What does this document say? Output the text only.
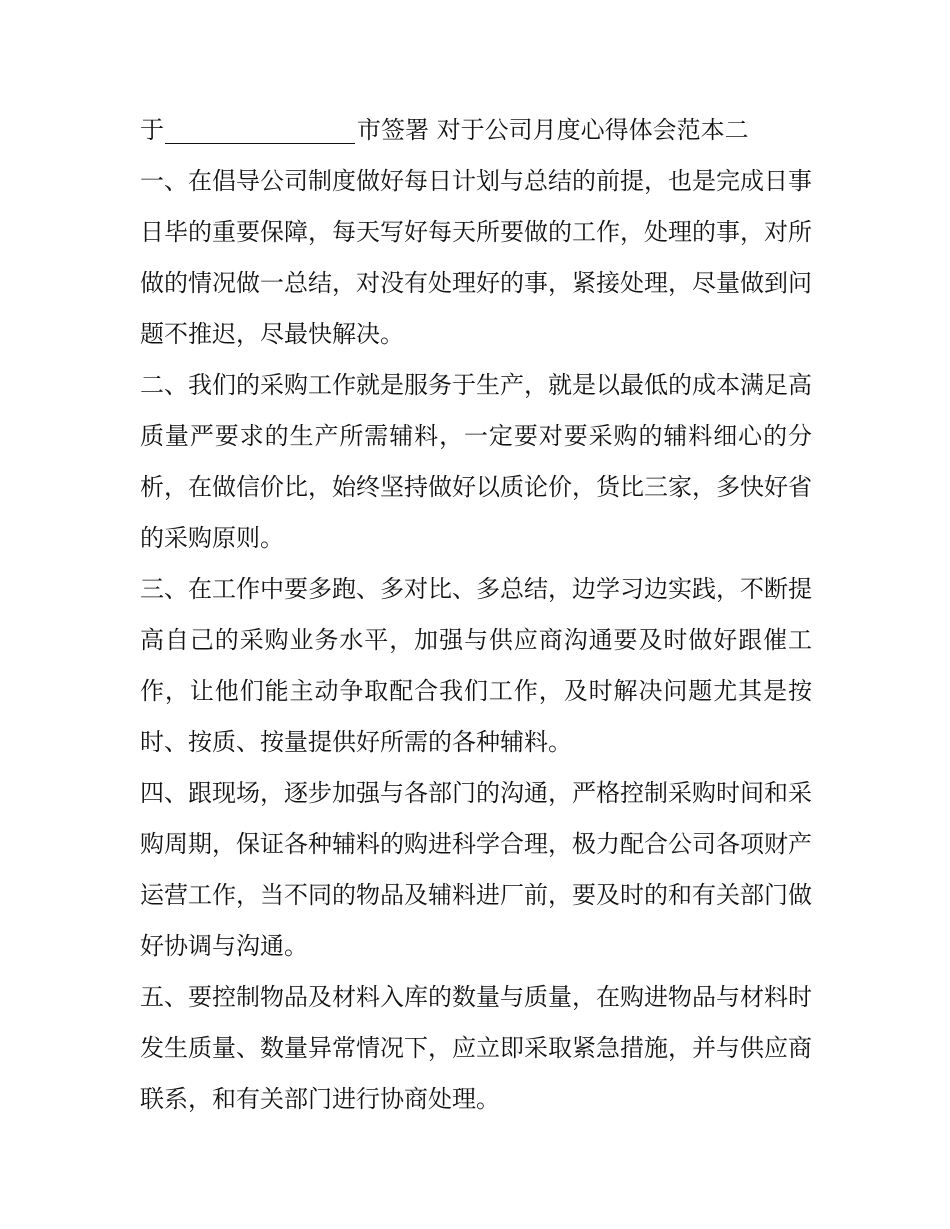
于	市签署 对于公司月度心得体会范本二

一、在倡导公司制度做好每日计划与总结的前提，也是完成日事日毕的重要保障，每天写好每天所要做的工作，处理的事，对所做的情况做一总结，对没有处理好的事，紧接处理，尽量做到问题不推迟，尽最快解决。

二、我们的采购工作就是服务于生产，就是以最低的成本满足高质量严要求的生产所需辅料，一定要对要采购的辅料细心的分析，在做信价比，始终坚持做好以质论价，货比三家，多快好省的采购原则。

三、在工作中要多跑、多对比、多总结，边学习边实践，不断提高自己的采购业务水平，加强与供应商沟通要及时做好跟催工作，让他们能主动争取配合我们工作，及时解决问题尤其是按时、按质、按量提供好所需的各种辅料。

四、跟现场，逐步加强与各部门的沟通，严格控制采购时间和采购周期，保证各种辅料的购进科学合理，极力配合公司各项财产运营工作，当不同的物品及辅料进厂前，要及时的和有关部门做好协调与沟通。

五、要控制物品及材料入库的数量与质量，在购进物品与材料时发生质量、数量异常情况下，应立即采取紧急措施，并与供应商联系，和有关部门进行协商处理。
